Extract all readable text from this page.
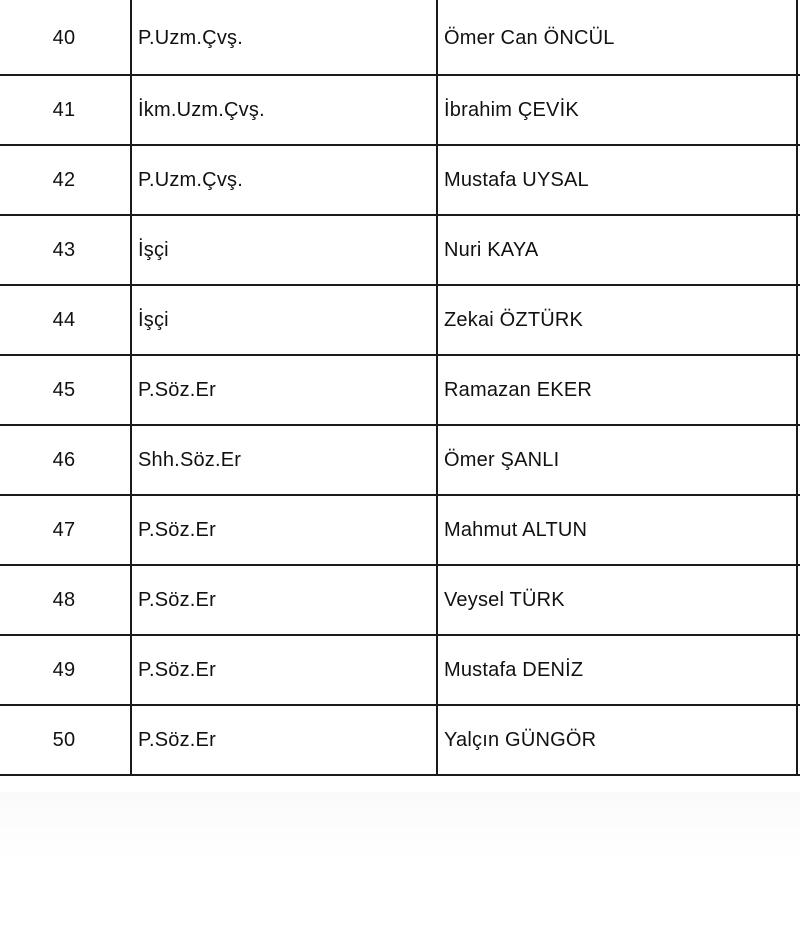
40	P.Uzm.Çvş.	Ömer Can ÖNCÜL	
41	İkm.Uzm.Çvş.	İbrahim ÇEVİK	
42	P.Uzm.Çvş.	Mustafa UYSAL	
43	İşçi	Nuri KAYA	
44	İşçi	Zekai ÖZTÜRK	
45	P.Söz.Er	Ramazan EKER	
46	Shh.Söz.Er	Ömer ŞANLI	
47	P.Söz.Er	Mahmut ALTUN	
48	P.Söz.Er	Veysel TÜRK	
49	P.Söz.Er	Mustafa DENİZ	
50	P.Söz.Er	Yalçın GÜNGÖR	
